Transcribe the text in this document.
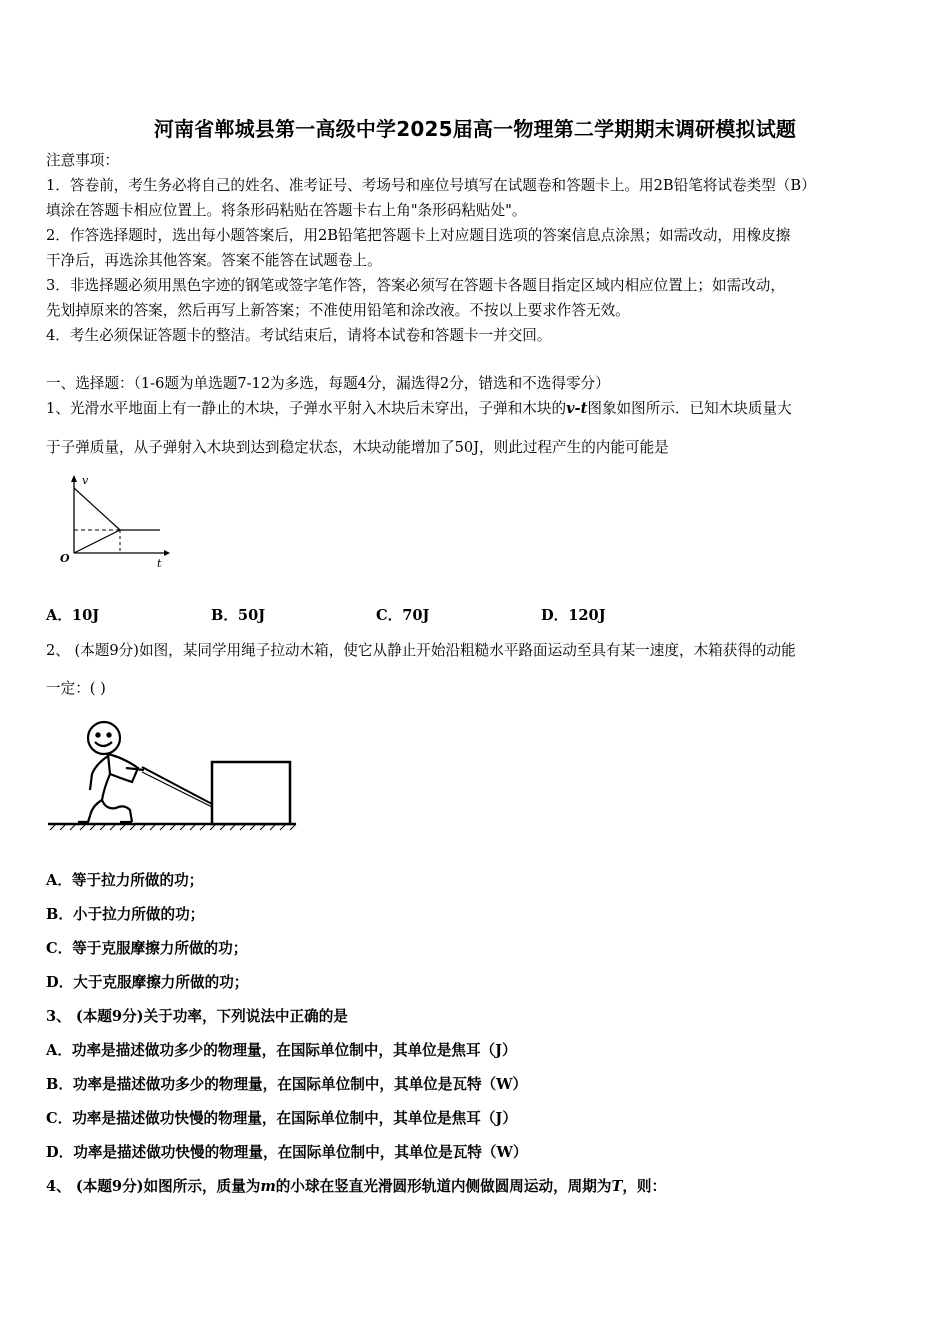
河南省郸城县第一高级中学2025届高一物理第二学期期末调研模拟试题
注意事项：
1．答卷前，考生务必将自己的姓名、准考证号、考场号和座位号填写在试题卷和答题卡上。用2B铅笔将试卷类型（B）
填涂在答题卡相应位置上。将条形码粘贴在答题卡右上角"条形码粘贴处"。
2．作答选择题时，选出每小题答案后，用2B铅笔把答题卡上对应题目选项的答案信息点涂黑；如需改动，用橡皮擦
干净后，再选涂其他答案。答案不能答在试题卷上。
3．非选择题必须用黑色字迹的钢笔或签字笔作答，答案必须写在答题卡各题目指定区域内相应位置上；如需改动，
先划掉原来的答案，然后再写上新答案；不准使用铅笔和涂改液。不按以上要求作答无效。
4．考生必须保证答题卡的整洁。考试结束后，请将本试卷和答题卡一并交回。
一、选择题：（1-6题为单选题7-12为多选，每题4分，漏选得2分，错选和不选得零分）
1、光滑水平地面上有一静止的木块，子弹水平射入木块后未穿出，子弹和木块的v-t图象如图所示．已知木块质量大
于子弹质量，从子弹射入木块到达到稳定状态，木块动能增加了50J，则此过程产生的内能可能是
v
t
O
A．10J	B．50J	C．70J	D．120J
2、 (本题9分)如图，某同学用绳子拉动木箱，使它从静止开始沿粗糙水平路面运动至具有某一速度，木箱获得的动能
一定：( )
A．等于拉力所做的功；
B．小于拉力所做的功；
C．等于克服摩擦力所做的功；
D．大于克服摩擦力所做的功；
3、 (本题9分)关于功率，下列说法中正确的是
A．功率是描述做功多少的物理量，在国际单位制中，其单位是焦耳（J）
B．功率是描述做功多少的物理量，在国际单位制中，其单位是瓦特（W）
C．功率是描述做功快慢的物理量，在国际单位制中，其单位是焦耳（J）
D．功率是描述做功快慢的物理量，在国际单位制中，其单位是瓦特（W）
4、 (本题9分)如图所示，质量为m的小球在竖直光滑圆形轨道内侧做圆周运动，周期为T，则：
